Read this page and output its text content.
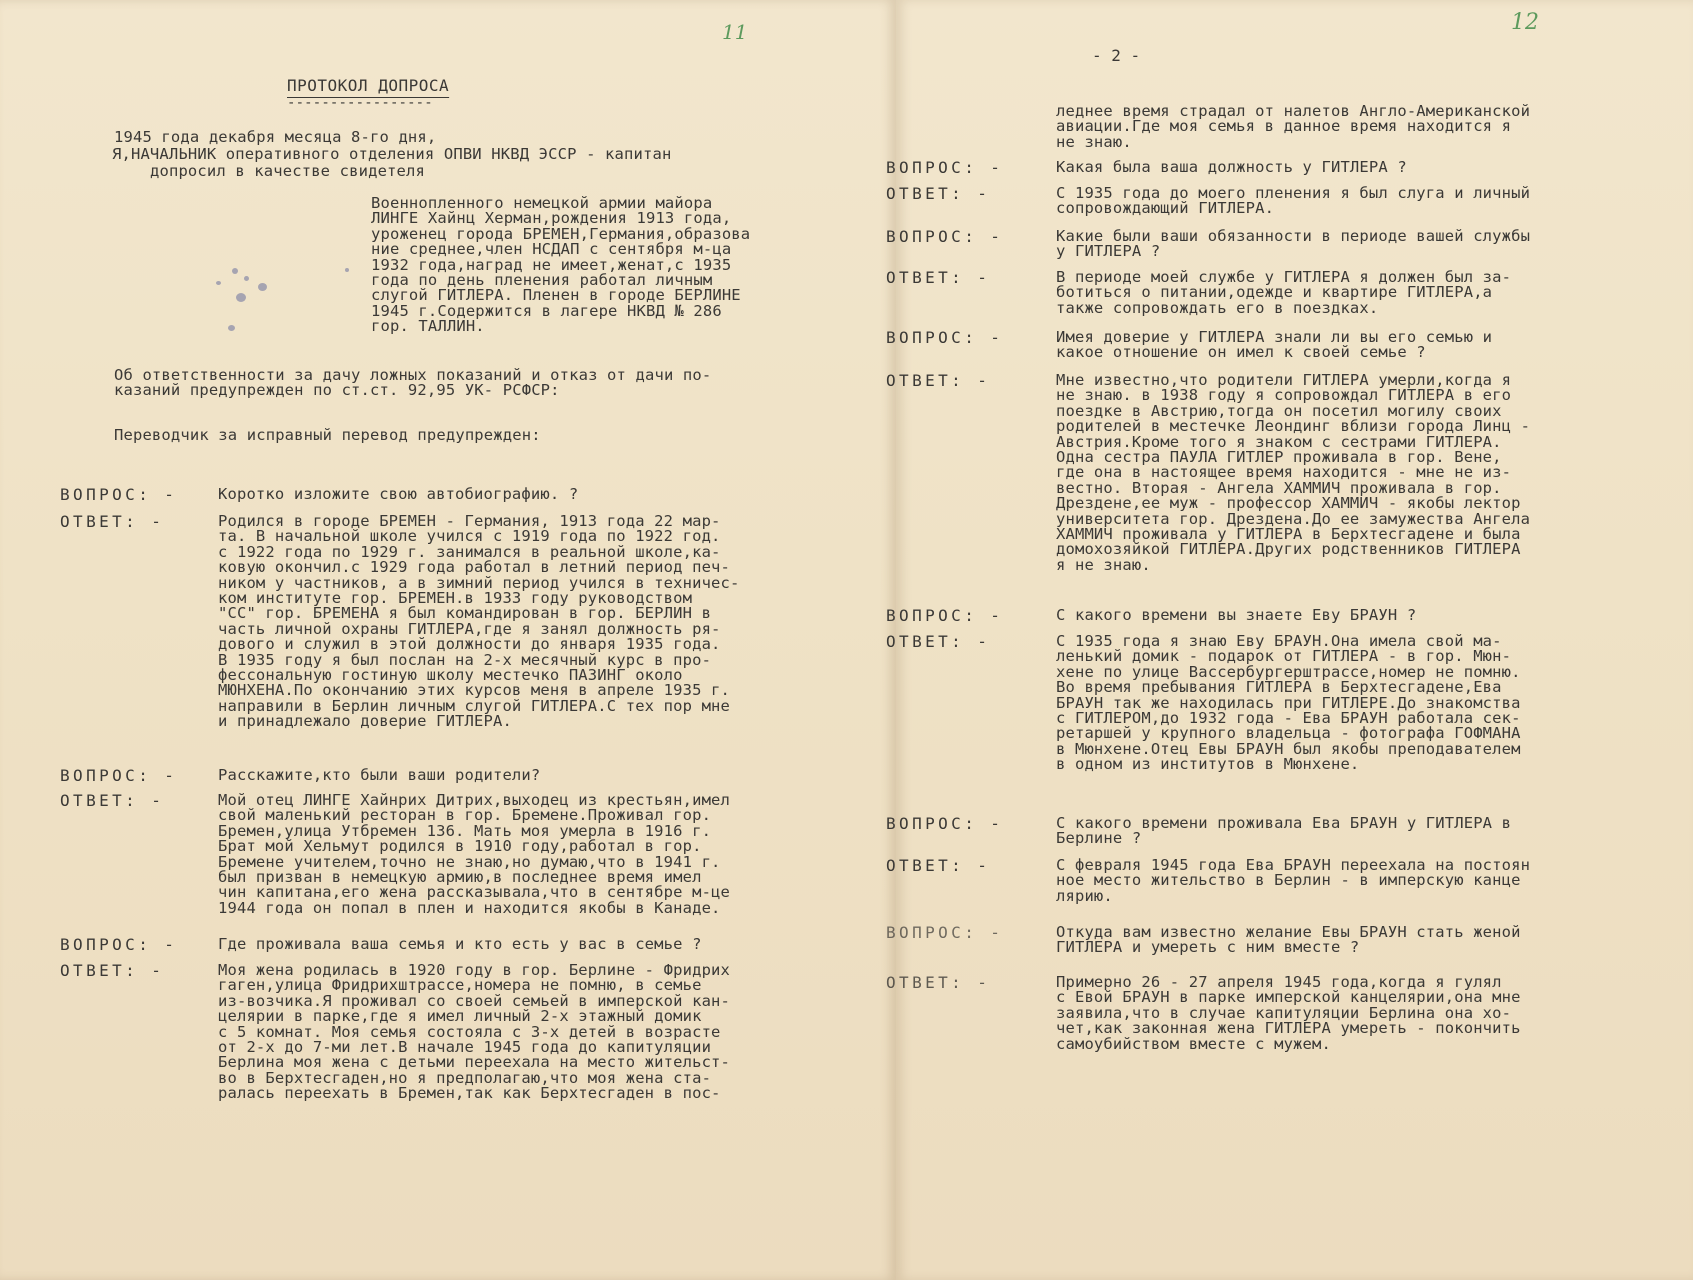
11
ПРОТОКОЛ ДОПРОСА
-----------------
1945 года декабря месяца 8-го дня,
Я,НАЧАЛЬНИК оперативного отделения ОПВИ НКВД ЭССР - капитан
допросил в качестве свидетеля
Военнопленного немецкой армии майора
ЛИНГЕ Хайнц Херман,рождения 1913 года,
уроженец города БРЕМЕН,Германия,образова
ние среднее,член НСДАП с сентября м-ца
1932 года,наград не имеет,женат,с 1935
года по день пленения работал личным
слугой ГИТЛЕРА. Пленен в городе БЕРЛИНЕ
1945 г.Содержится в лагере НКВД № 286
гор. ТАЛЛИН.
Об ответственности за дачу ложных показаний и отказ от дачи по-
казаний предупрежден по ст.ст. 92,95 УК- РСФСР:
Переводчик за исправный перевод предупрежден:
ВОПРОС: -	Коротко изложите свою автобиографию. ?
ОТВЕТ: -	Родился в городе БРЕМЕН - Германия, 1913 года 22 мар-
та. В начальной школе учился с 1919 года по 1922 год.
с 1922 года по 1929 г. занимался в реальной школе,ка-
ковую окончил.с 1929 года работал в летний период печ-
ником у частников, а в зимний период учился в техничес-
ком институте гор. БРЕМЕН.в 1933 году руководством
"СС" гор. БРЕМЕНА я был командирован в гор. БЕРЛИН в
часть личной охраны ГИТЛЕРА,где я занял должность ря-
дового и служил в этой должности до января 1935 года.
В 1935 году я был послан на 2-х месячный курс в про-
фессональную гостиную школу местечко ПАЗИНГ около
МЮНХЕНА.По окончанию этих курсов меня в апреле 1935 г.
направили в Берлин личным слугой ГИТЛЕРА.С тех пор мне
и принадлежало доверие ГИТЛЕРА.
ВОПРОС: -	Расскажите,кто были ваши родители?
ОТВЕТ: -	Мой отец ЛИНГЕ Хайнрих Дитрих,выходец из крестьян,имел
свой маленький ресторан в гор. Бремене.Проживал гор.
Бремен,улица Утбремен 136. Мать моя умерла в 1916 г.
Брат мой Хельмут родился в 1910 году,работал в гор.
Бремене учителем,точно не знаю,но думаю,что в 1941 г.
был призван в немецкую армию,в последнее время имел
чин капитана,его жена рассказывала,что в сентябре м-це
1944 года он попал в плен и находится якобы в Канаде.
ВОПРОС: -	Где проживала ваша семья и кто есть у вас в семье ?
ОТВЕТ: -	Моя жена родилась в 1920 году в гор. Берлине - Фридрих
гаген,улица Фридрихштрассе,номера не помню, в семье
из-возчика.Я проживал со своей семьей в имперской кан-
целярии в парке,где я имел личный 2-х этажный домик
с 5 комнат. Моя семья состояла с 3-х детей в возрасте
от 2-х до 7-ми лет.В начале 1945 года до капитуляции
Берлина моя жена с детьми переехала на место жительст-
во в Берхтесгаден,но я предполагаю,что моя жена ста-
ралась переехать в Бремен,так как Берхтесгаден в пос-
12
- 2 -
леднее время страдал от налетов Англо-Американской
авиации.Где моя семья в данное время находится я
не знаю.
ВОПРОС: -	Какая была ваша должность у ГИТЛЕРА ?
ОТВЕТ: -	С 1935 года до моего пленения я был слуга и личный
сопровождающий ГИТЛЕРА.
ВОПРОС: -	Какие были ваши обязанности в периоде вашей службы
у ГИТЛЕРА ?
ОТВЕТ: -	В периоде моей службе у ГИТЛЕРА я должен был за-
ботиться о питании,одежде и квартире ГИТЛЕРА,а
также сопровождать его в поездках.
ВОПРОС: -	Имея доверие у ГИТЛЕРА знали ли вы его семью и
какое отношение он имел к своей семье ?
ОТВЕТ: -	Мне известно,что родители ГИТЛЕРА умерли,когда я
не знаю. в 1938 году я сопровождал ГИТЛЕРА в его
поездке в Австрию,тогда он посетил могилу своих
родителей в местечке Леондинг вблизи города Линц -
Австрия.Кроме того я знаком с сестрами ГИТЛЕРА.
Одна сестра ПАУЛА ГИТЛЕР проживала в гор. Вене,
где она в настоящее время находится - мне не из-
вестно. Вторая - Ангела ХАММИЧ проживала в гор.
Дрездене,ее муж - профессор ХАММИЧ - якобы лектор
университета гор. Дрездена.До ее замужества Ангела
ХАММИЧ проживала у ГИТЛЕРА в Берхтесгадене и была
домохозяйкой ГИТЛЕРА.Других родственников ГИТЛЕРА
я не знаю.
ВОПРОС: -	С какого времени вы знаете Еву БРАУН ?
ОТВЕТ: -	С 1935 года я знаю Еву БРАУН.Она имела свой ма-
ленький домик - подарок от ГИТЛЕРА - в гор. Мюн-
хене по улице Вассербургерштрассе,номер не помню.
Во время пребывания ГИТЛЕРА в Берхтесгадене,Ева
БРАУН так же находилась при ГИТЛЕРЕ.До знакомства
с ГИТЛЕРОМ,до 1932 года - Ева БРАУН работала сек-
ретаршей у крупного владельца - фотографа ГОФМАНА
в Мюнхене.Отец Евы БРАУН был якобы преподавателем
в одном из институтов в Мюнхене.
ВОПРОС: -	С какого времени проживала Ева БРАУН у ГИТЛЕРА в
Берлине ?
ОТВЕТ: -	С февраля 1945 года Ева БРАУН переехала на постоян
ное место жительство в Берлин - в имперскую канце
лярию.
ВОПРОС: -	Откуда вам известно желание Евы БРАУН стать женой
ГИТЛЕРА и умереть с ним вместе ?
ОТВЕТ: -	Примерно 26 - 27 апреля 1945 года,когда я гулял
с Евой БРАУН в парке имперской канцелярии,она мне
заявила,что в случае капитуляции Берлина она хо-
чет,как законная жена ГИТЛЕРА умереть - покончить
самоубийством вместе с мужем.
